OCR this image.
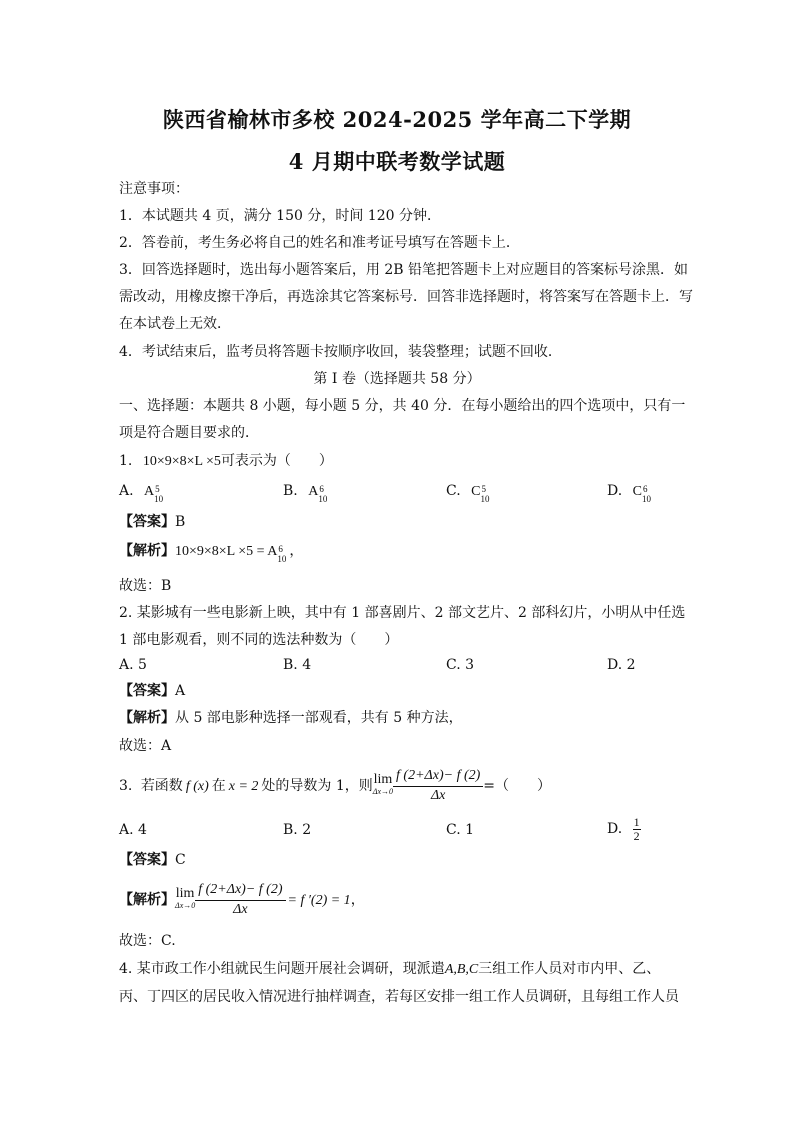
陕西省榆林市多校 2024-2025 学年高二下学期
4 月期中联考数学试题
注意事项：
1．本试题共 4 页，满分 150 分，时间 120 分钟．
2．答卷前，考生务必将自己的姓名和准考证号填写在答题卡上．
3．回答选择题时，选出每小题答案后，用 2B 铅笔把答题卡上对应题目的答案标号涂黑．如
需改动，用橡皮擦干净后，再选涂其它答案标号．回答非选择题时，将答案写在答题卡上．写
在本试卷上无效．
4．考试结束后，监考员将答题卡按顺序收回，装袋整理；试题不回收．
第 I 卷（选择题共 58 分）
一、选择题：本题共 8 小题，每小题 5 分，共 40 分．在每小题给出的四个选项中，只有一
项是符合题目要求的．
1. 10×9×8×L ×5可表示为（　　）
A. A 5
10	B. A 6
10	C. C 5
10	D. C 6
10
【答案】B
【解析】10×9×8×L ×5 = A 6
10 ，
故选：B
2. 某影城有一些电影新上映，其中有 1 部喜剧片、2 部文艺片、2 部科幻片，小明从中任选
1 部电影观看，则不同的选法种数为（　　）
A. 5	B. 4	C. 3	D. 2
【答案】A
【解析】从 5 部电影种选择一部观看，共有 5 种方法，
故选：A
3. 若函数 f (x) 在 x = 2 处的导数为 1，则 lim
$\Delta x\to 0 \frac{f (2+\Delta x)- f (2)}{\Delta x}$ =（　　）
A. 4	B. 2	C. 1	D. $\frac{1}{2}$
【答案】C
【解析】 lim
$\Delta x\to 0 \frac{f (2+\Delta x)- f (2)}{\Delta x} = f$ ′(2) = 1，
故选：C.
4. 某市政工作小组就民生问题开展社会调研，现派遣A,B,C三组工作人员对市内甲、乙、
丙、丁四区的居民收入情况进行抽样调查，若每区安排一组工作人员调研，且每组工作人员
